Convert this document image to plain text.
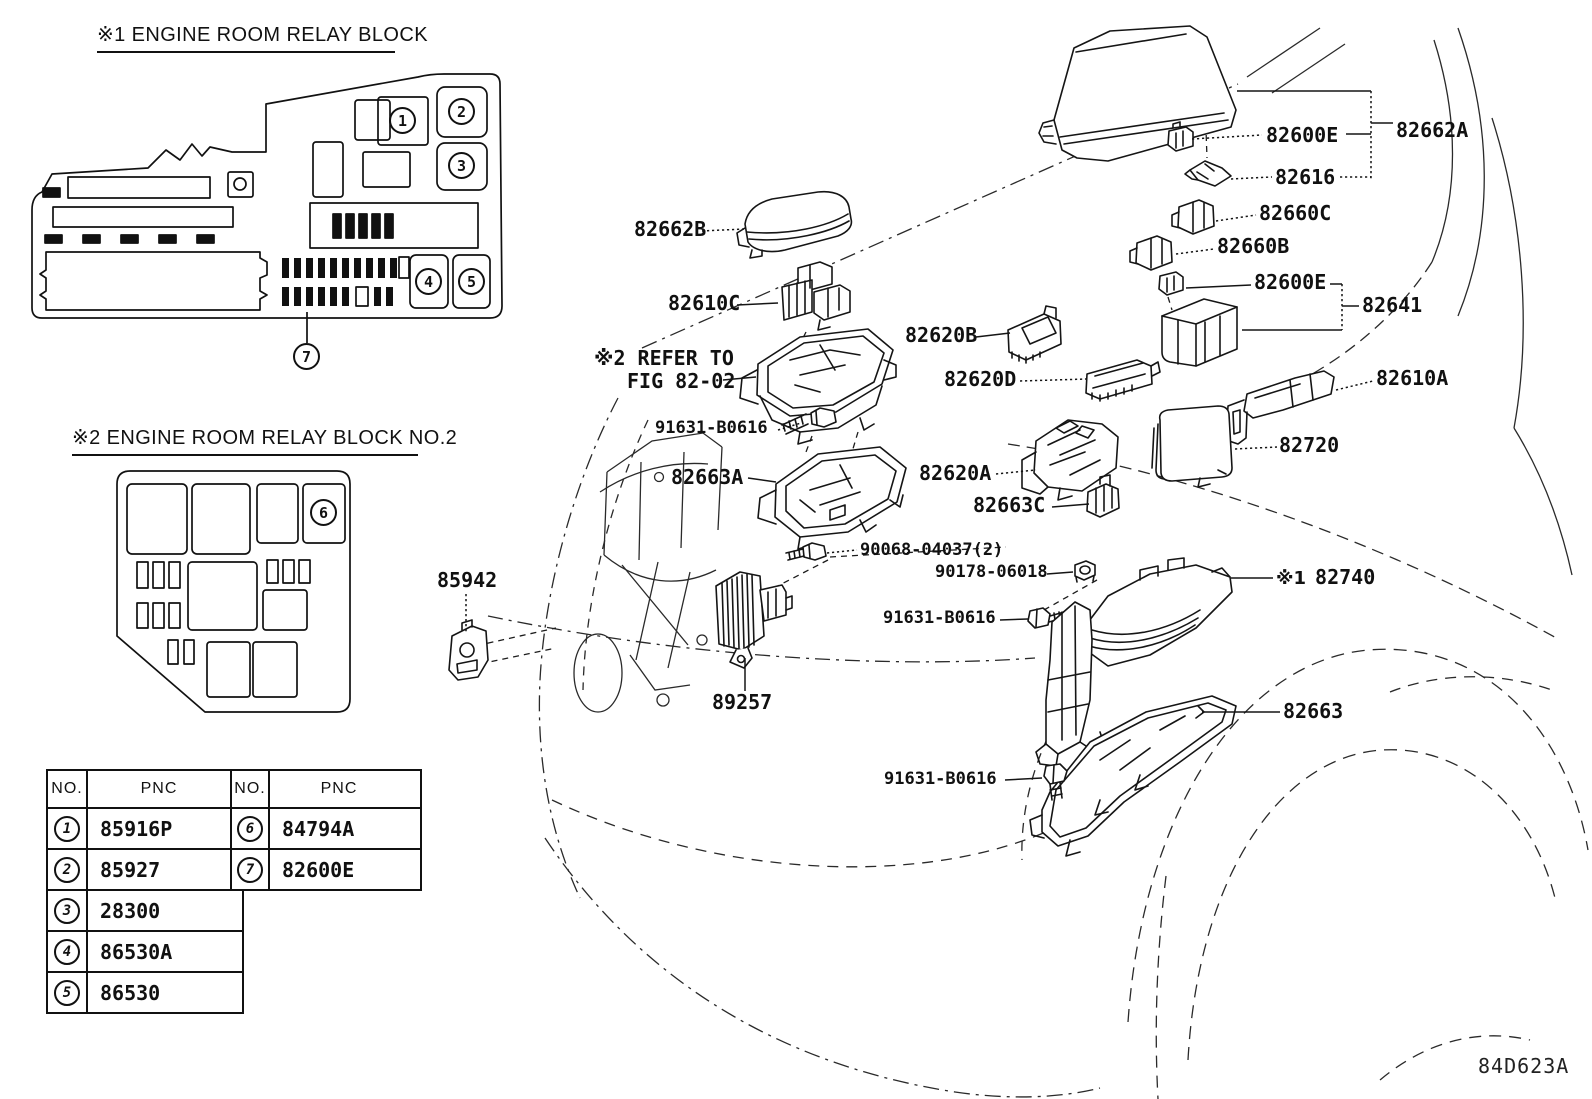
※1 ENGINE ROOM RELAY BLOCK
※2 ENGINE ROOM RELAY BLOCK NO.2
※2 REFER TO
FIG 82-02
84D623A
1	2
3
4	5
7
6
82600E
82616
82662A
82660C
82660B
82600E
82641
82662B
82610C
82620B
82620D	82610A
82720
82663A	82620A
82663C
91631-B0616
90068-04037(2)
90178-06018	※1 82740
85942
91631-B0616
89257	82663
91631-B0616
NO.	PNC
1	85916P
2	85927
3	28300
4	86530A
5	86530
NO.	PNC
6	84794A
7	82600E
